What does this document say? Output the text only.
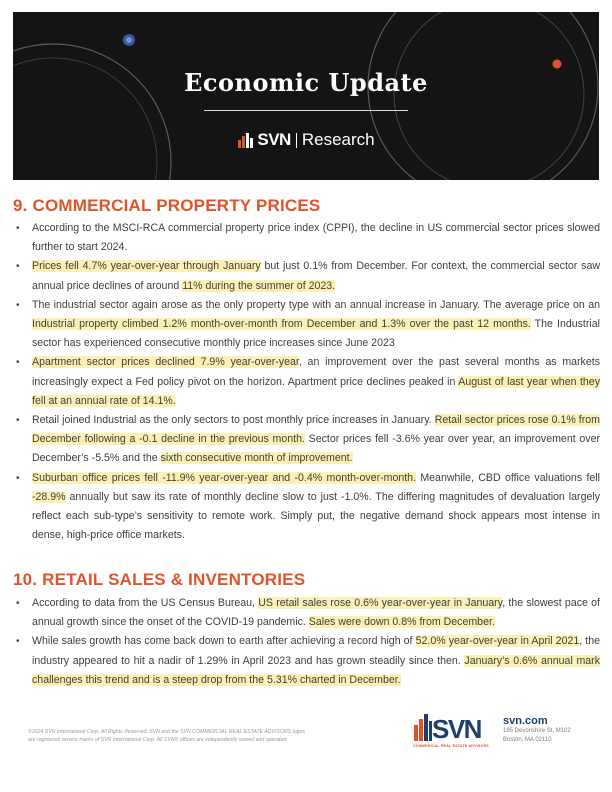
Economic Update
SVN Research
9. COMMERCIAL PROPERTY PRICES
• According to the MSCI-RCA commercial property price index (CPPI), the decline in US commercial sector prices slowed further to start 2024.
• Prices fell 4.7% year-over-year through January but just 0.1% from December. For context, the commercial sector saw annual price declines of around 11% during the summer of 2023.
• The industrial sector again arose as the only property type with an annual increase in January. The average price on an Industrial property climbed 1.2% month-over-month from December and 1.3% over the past 12 months. The Industrial sector has experienced consecutive monthly price increases since June 2023
• Apartment sector prices declined 7.9% year-over-year, an improvement over the past several months as markets increasingly expect a Fed policy pivot on the horizon. Apartment price declines peaked in August of last year when they fell at an annual rate of 14.1%.
• Retail joined Industrial as the only sectors to post monthly price increases in January. Retail sector prices rose 0.1% from December following a -0.1 decline in the previous month. Sector prices fell -3.6% year over year, an improvement over December’s -5.5% and the sixth consecutive month of improvement.
• Suburban office prices fell -11.9% year-over-year and -0.4% month-over-month. Meanwhile, CBD office valuations fell -28.9% annually but saw its rate of monthly decline slow to just -1.0%. The differing magnitudes of devaluation largely reflect each sub-type’s sensitivity to remote work. Simply put, the negative demand shock appears most intense in dense, high-price office markets.
10. RETAIL SALES & INVENTORIES
• According to data from the US Census Bureau, US retail sales rose 0.6% year-over-year in January, the slowest pace of annual growth since the onset of the COVID-19 pandemic. Sales were down 0.8% from December.
• While sales growth has come back down to earth after achieving a record high of 52.0% year-over-year in April 2021, the industry appeared to hit a nadir of 1.29% in April 2023 and has grown steadily since then. January’s 0.6% annual mark challenges this trend and is a steep drop from the 5.31% charted in December.
©2024 SVN International Corp. All Rights Reserved. SVN and the SVN COMMERCIAL REAL ESTATE ADVISORS logos
are registered service marks of SVN International Corp. All SVN® offices are independently owned and operated.	SVN
COMMERCIAL REAL ESTATE ADVISORS
svn.com
185 Devonshire St, M102
Boston, MA 02110
